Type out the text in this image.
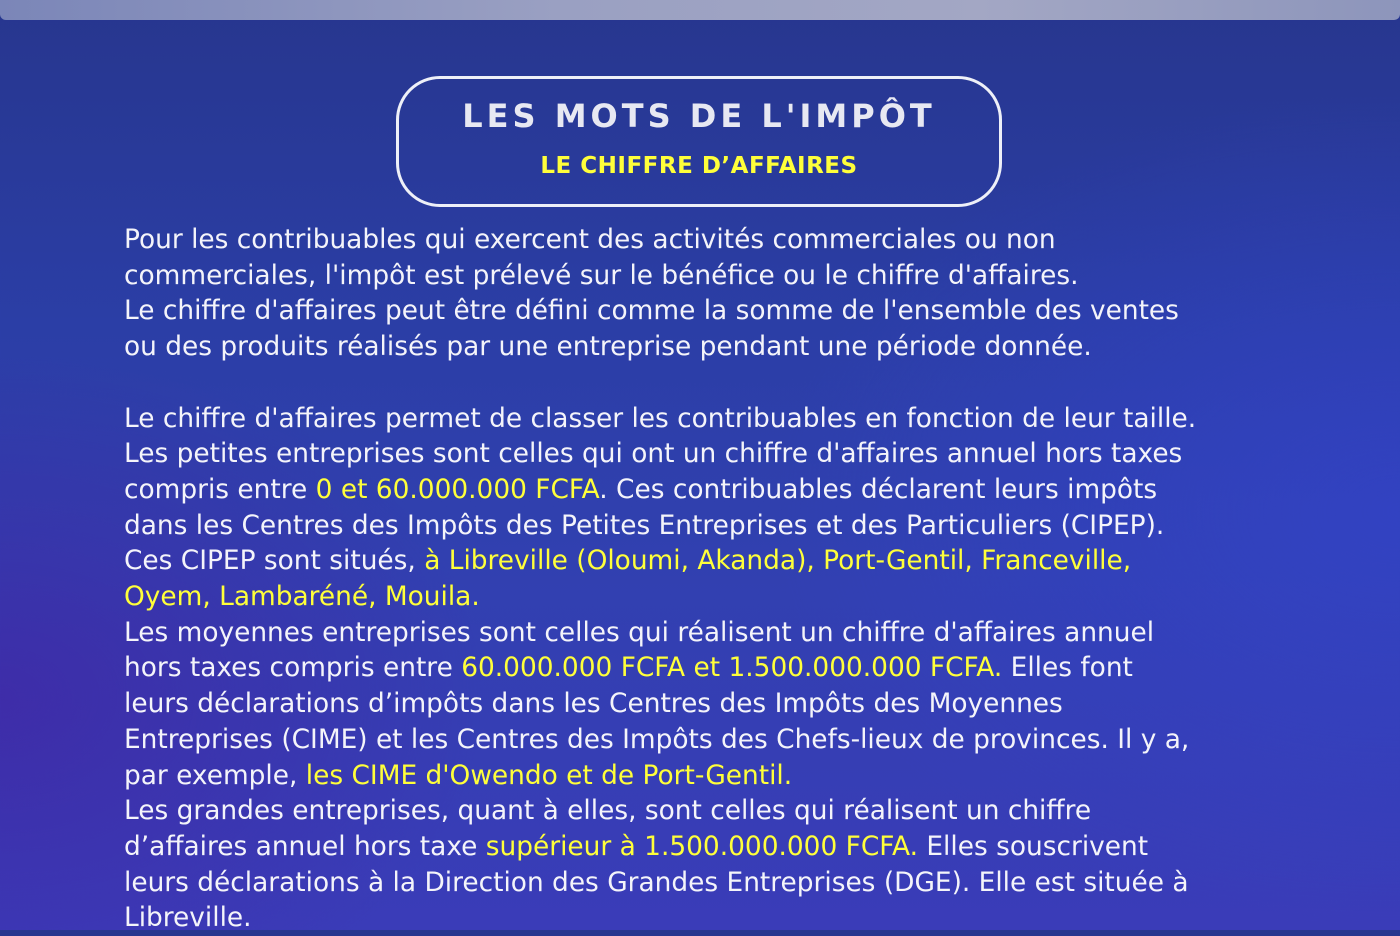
LES MOTS DE L'IMPÔT
LE CHIFFRE D’AFFAIRES
Pour les contribuables qui exercent des activités commerciales ou non
commerciales, l'impôt est prélevé sur le bénéfice ou le chiffre d'affaires.
Le chiffre d'affaires peut être défini comme la somme de l'ensemble des ventes
ou des produits réalisés par une entreprise pendant une période donnée.
Le chiffre d'affaires permet de classer les contribuables en fonction de leur taille.
Les petites entreprises sont celles qui ont un chiffre d'affaires annuel hors taxes
compris entre 0 et 60.000.000 FCFA. Ces contribuables déclarent leurs impôts
dans les Centres des Impôts des Petites Entreprises et des Particuliers (CIPEP).
Ces CIPEP sont situés, à Libreville (Oloumi, Akanda), Port-Gentil, Franceville,
Oyem, Lambaréné, Mouila.
Les moyennes entreprises sont celles qui réalisent un chiffre d'affaires annuel
hors taxes compris entre 60.000.000 FCFA et 1.500.000.000 FCFA. Elles font
leurs déclarations d’impôts dans les Centres des Impôts des Moyennes
Entreprises (CIME) et les Centres des Impôts des Chefs-lieux de provinces. Il y a,
par exemple, les CIME d'Owendo et de Port-Gentil.
Les grandes entreprises, quant à elles, sont celles qui réalisent un chiffre
d’affaires annuel hors taxe supérieur à 1.500.000.000 FCFA. Elles souscrivent
leurs déclarations à la Direction des Grandes Entreprises (DGE). Elle est située à
Libreville.
